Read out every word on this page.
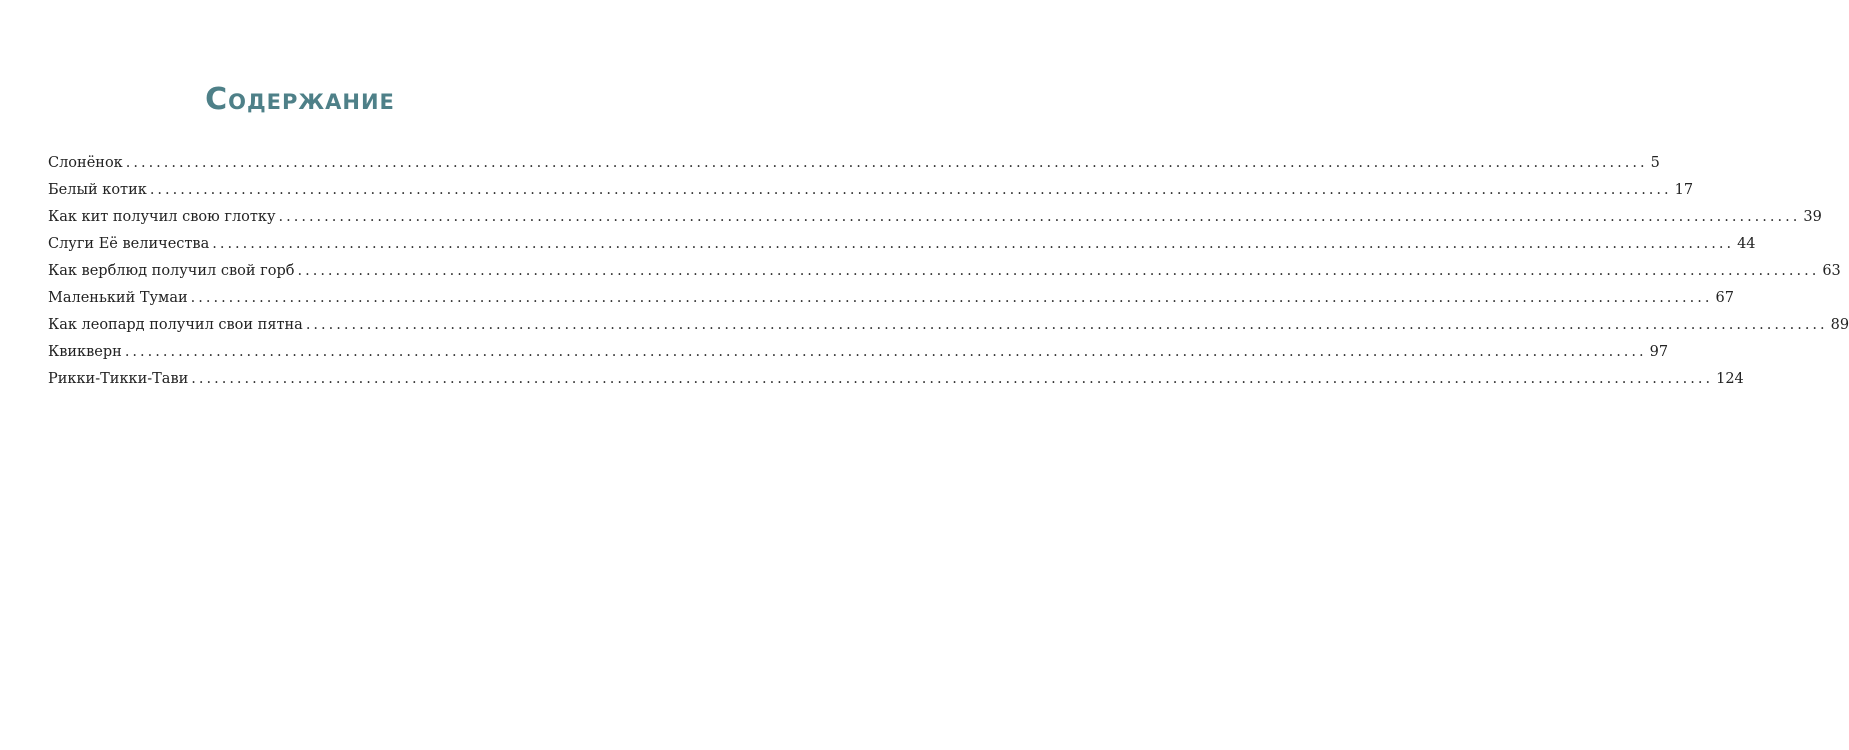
Содержание
Слонёнок ........................................................................................................................................................................................................ 5
Белый котик ........................................................................................................................................................................................................ 17
Как кит получил свою глотку ........................................................................................................................................................................................................ 39
Слуги Её величества ........................................................................................................................................................................................................ 44
Как верблюд получил свой горб ........................................................................................................................................................................................................ 63
Маленький Тумаи ........................................................................................................................................................................................................ 67
Как леопард получил свои пятна ........................................................................................................................................................................................................ 89
Квикверн ........................................................................................................................................................................................................ 97
Рикки-Тикки-Тави ........................................................................................................................................................................................................ 124
